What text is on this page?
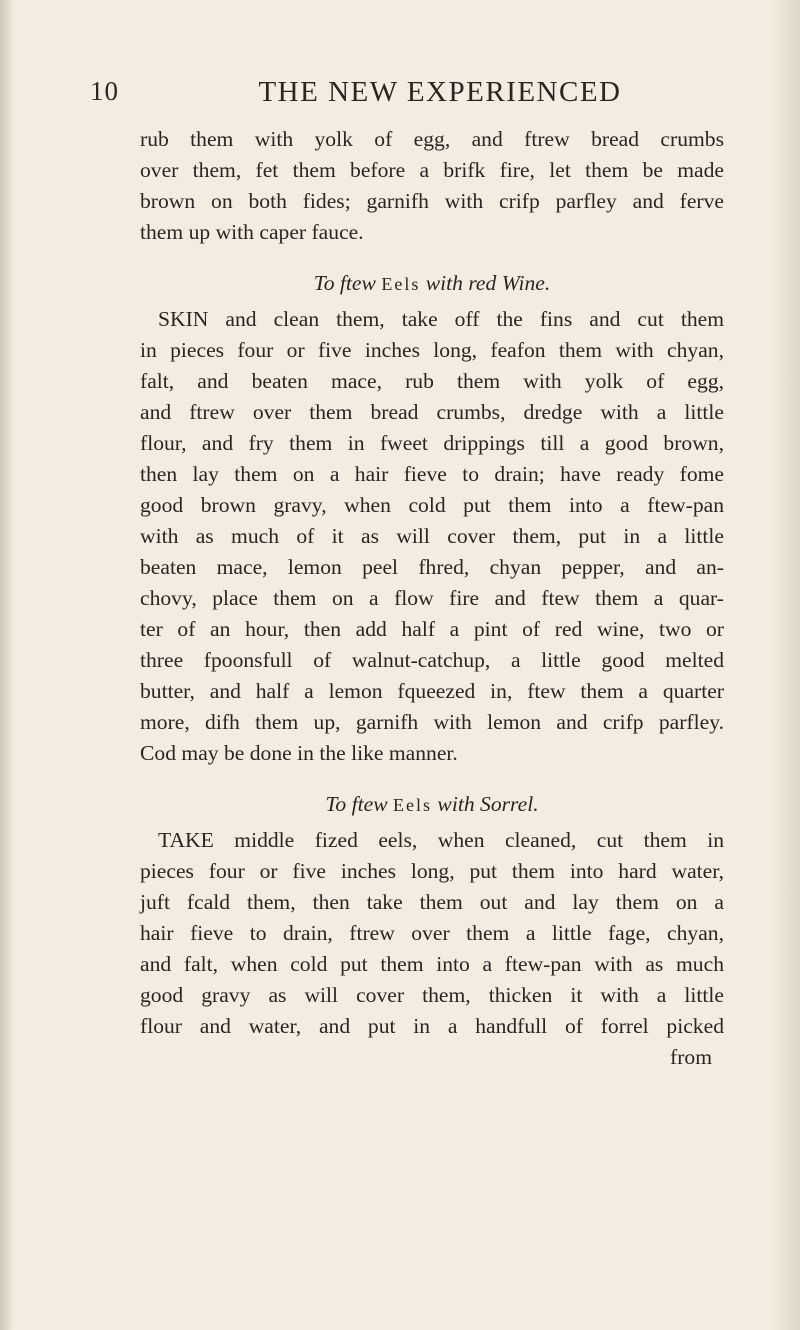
10	THE NEW EXPERIENCED

rub them with yolk of egg, and ftrew bread crumbs
over them, fet them before a brifk fire, let them be made
brown on both fides; garnifh with crifp parfley and ferve
them up with caper fauce.

To ftew Eels with red Wine.

SKIN and clean them, take off the fins and cut them
in pieces four or five inches long, feafon them with chyan,
falt, and beaten mace, rub them with yolk of egg,
and ftrew over them bread crumbs, dredge with a little
flour, and fry them in fweet drippings till a good brown,
then lay them on a hair fieve to drain; have ready fome
good brown gravy, when cold put them into a ftew-pan
with as much of it as will cover them, put in a little
beaten mace, lemon peel fhred, chyan pepper, and an-
chovy, place them on a flow fire and ftew them a quar-
ter of an hour, then add half a pint of red wine, two or
three fpoonsfull of walnut-catchup, a little good melted
butter, and half a lemon fqueezed in, ftew them a quarter
more, difh them up, garnifh with lemon and crifp parfley.
Cod may be done in the like manner.

To ftew Eels with Sorrel.

TAKE middle fized eels, when cleaned, cut them in
pieces four or five inches long, put them into hard water,
juft fcald them, then take them out and lay them on a
hair fieve to drain, ftrew over them a little fage, chyan,
and falt, when cold put them into a ftew-pan with as much
good gravy as will cover them, thicken it with a little
flour and water, and put in a handfull of forrel picked
from
